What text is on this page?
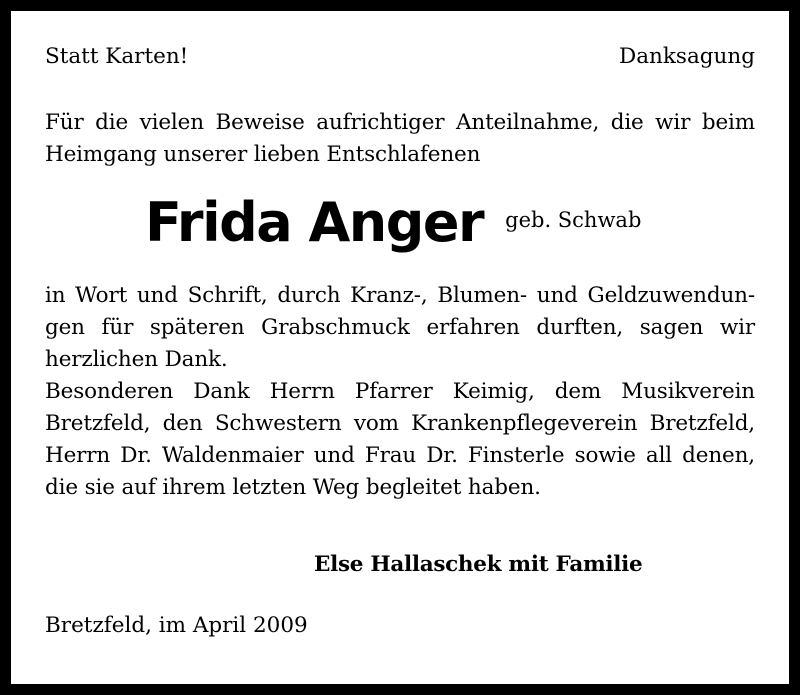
Statt Karten!	Danksagung
Für die vielen Beweise aufrichtiger Anteilnahme, die wir beim
Heimgang unserer lieben Entschlafenen
Frida Anger geb. Schwab
in Wort und Schrift, durch Kranz-, Blumen- und Geldzuwendun-
gen für späteren Grabschmuck erfahren durften, sagen wir
herzlichen Dank.
Besonderen Dank Herrn Pfarrer Keimig, dem Musikverein
Bretzfeld, den Schwestern vom Krankenpflegeverein Bretzfeld,
Herrn Dr. Waldenmaier und Frau Dr. Finsterle sowie all denen,
die sie auf ihrem letzten Weg begleitet haben.
Else Hallaschek mit Familie
Bretzfeld, im April 2009
